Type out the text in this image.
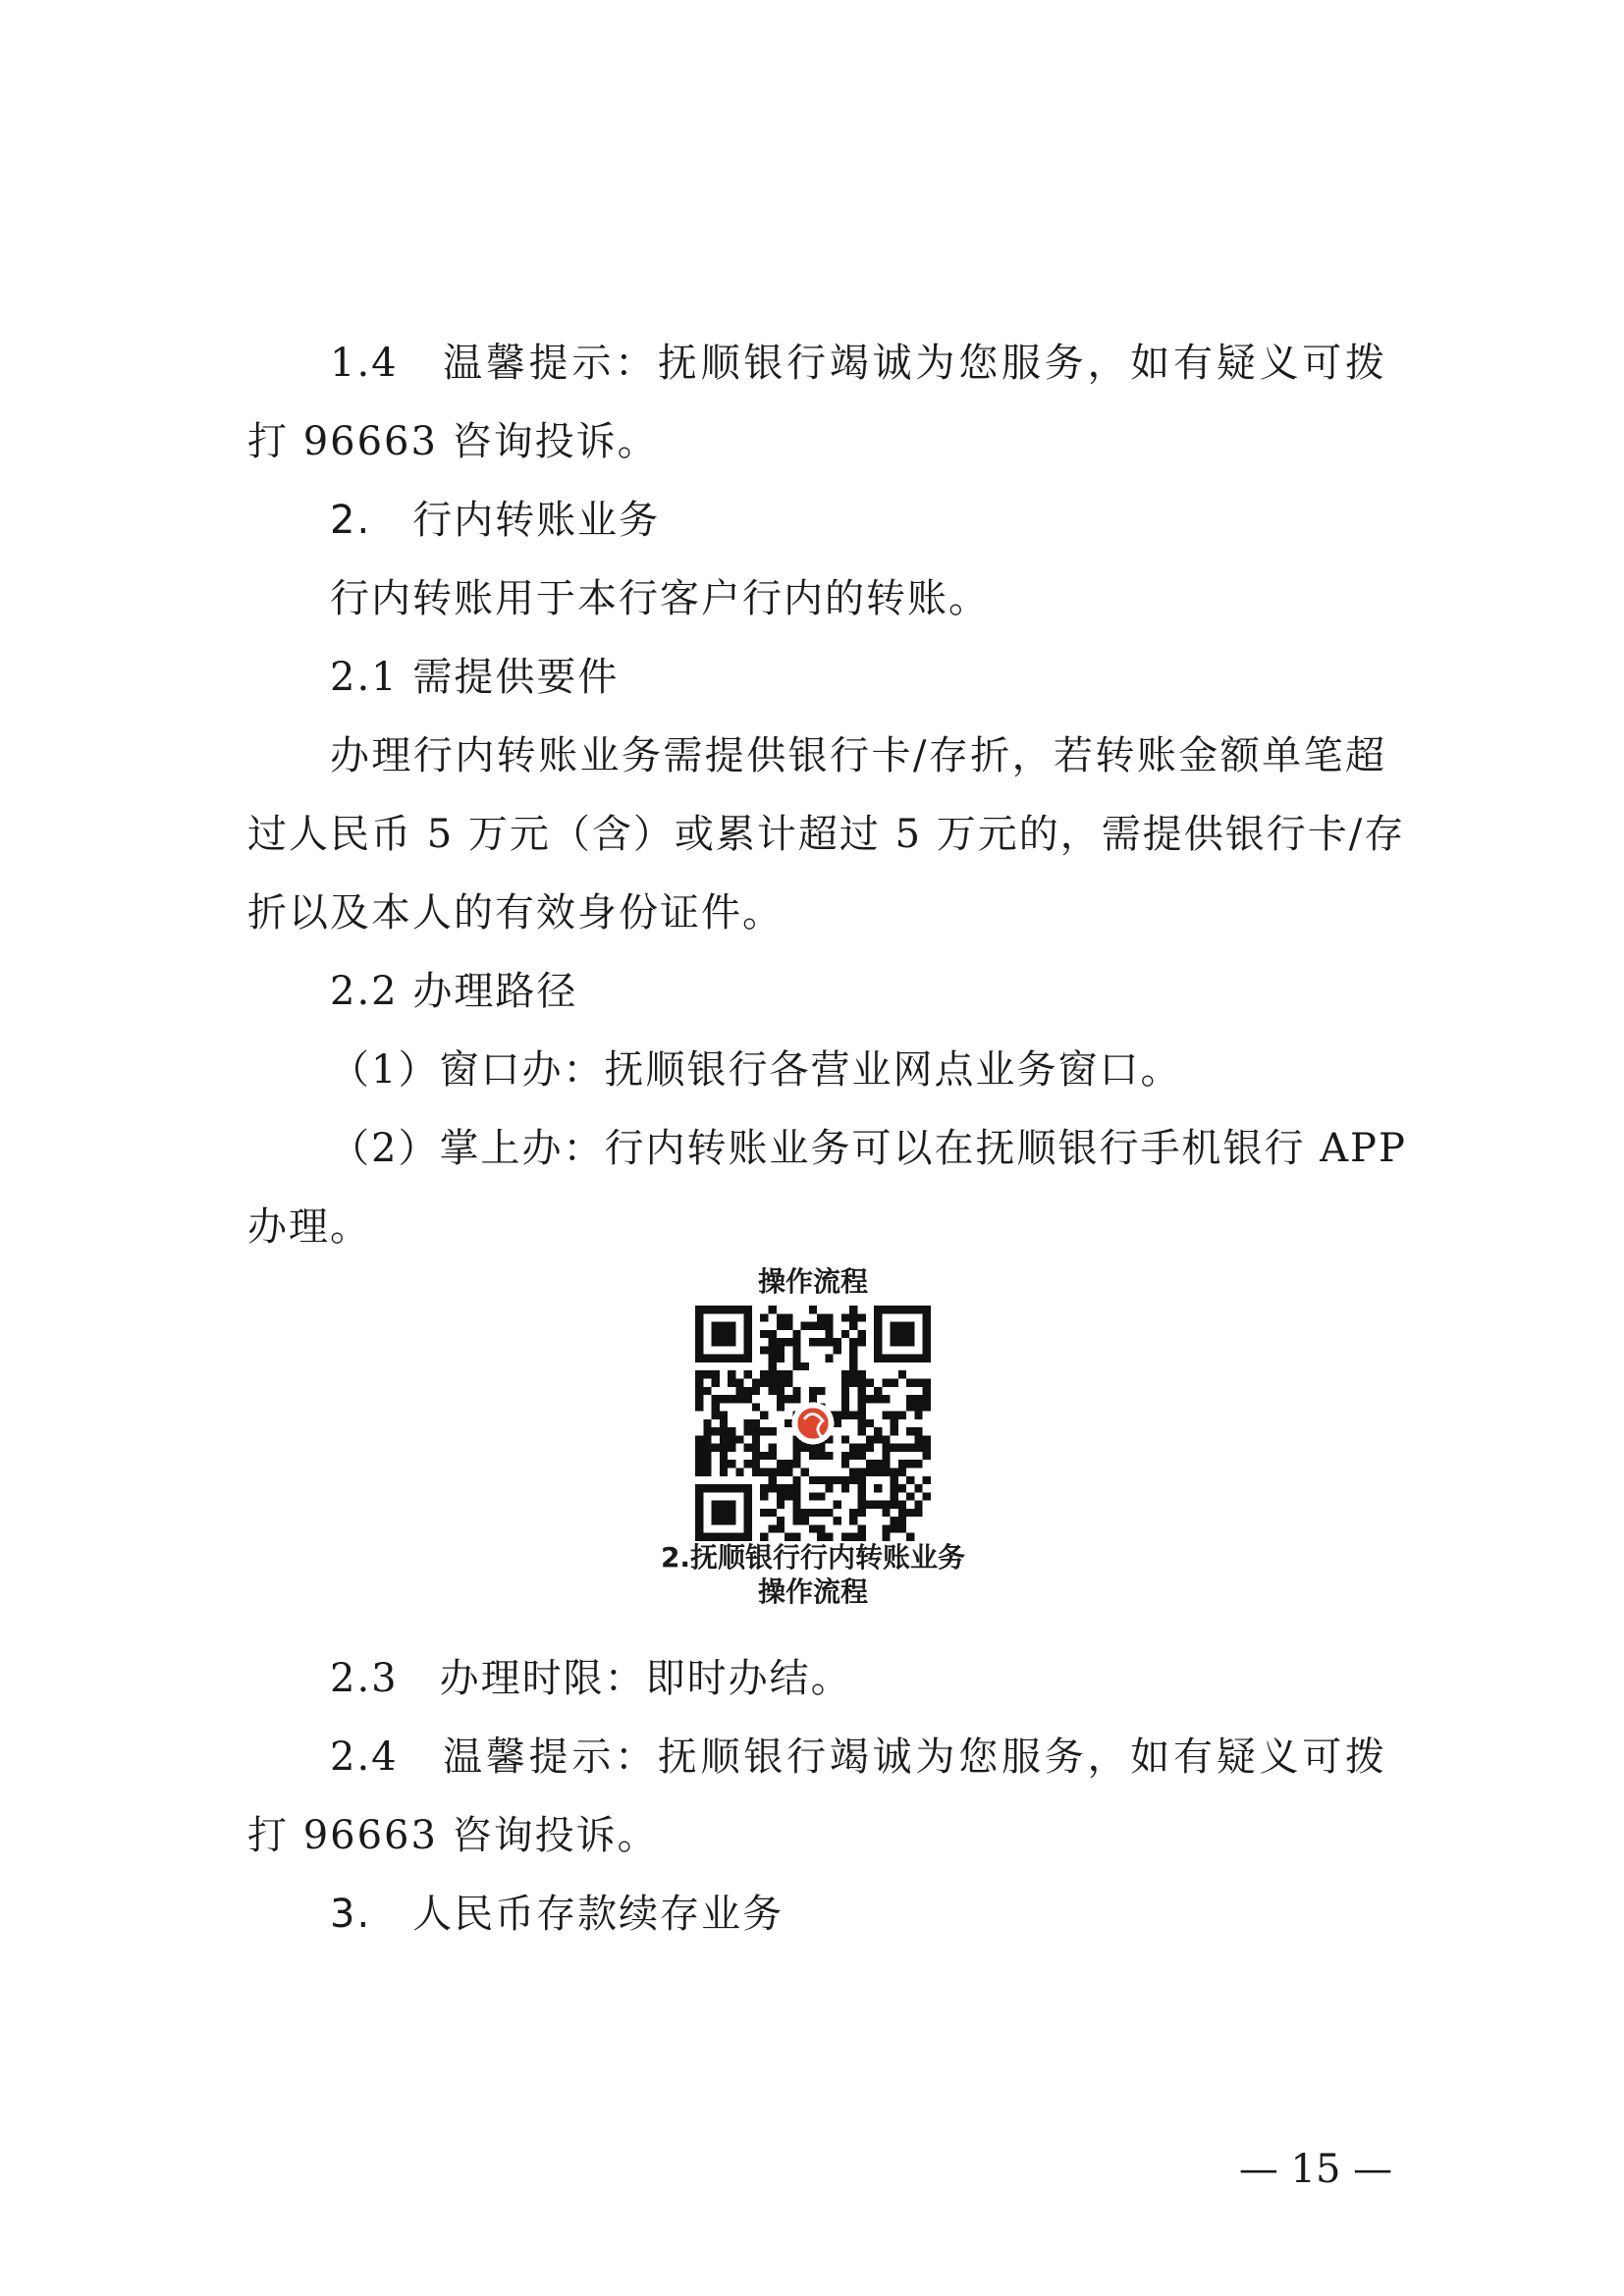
1.4　温馨提示：抚顺银行竭诚为您服务，如有疑义可拨
打 96663 咨询投诉。
2.　行内转账业务
行内转账用于本行客户行内的转账。
2.1 需提供要件
办理行内转账业务需提供银行卡/存折，若转账金额单笔超
过人民币 5 万元（含）或累计超过 5 万元的，需提供银行卡/存
折以及本人的有效身份证件。
2.2 办理路径
（1）窗口办：抚顺银行各营业网点业务窗口。
（2）掌上办：行内转账业务可以在抚顺银行手机银行 APP
办理。
操作流程
2.抚顺银行行内转账业务
操作流程
2.3　办理时限：即时办结。
2.4　温馨提示：抚顺银行竭诚为您服务，如有疑义可拨
打 96663 咨询投诉。
3.　人民币存款续存业务
— 15 —
